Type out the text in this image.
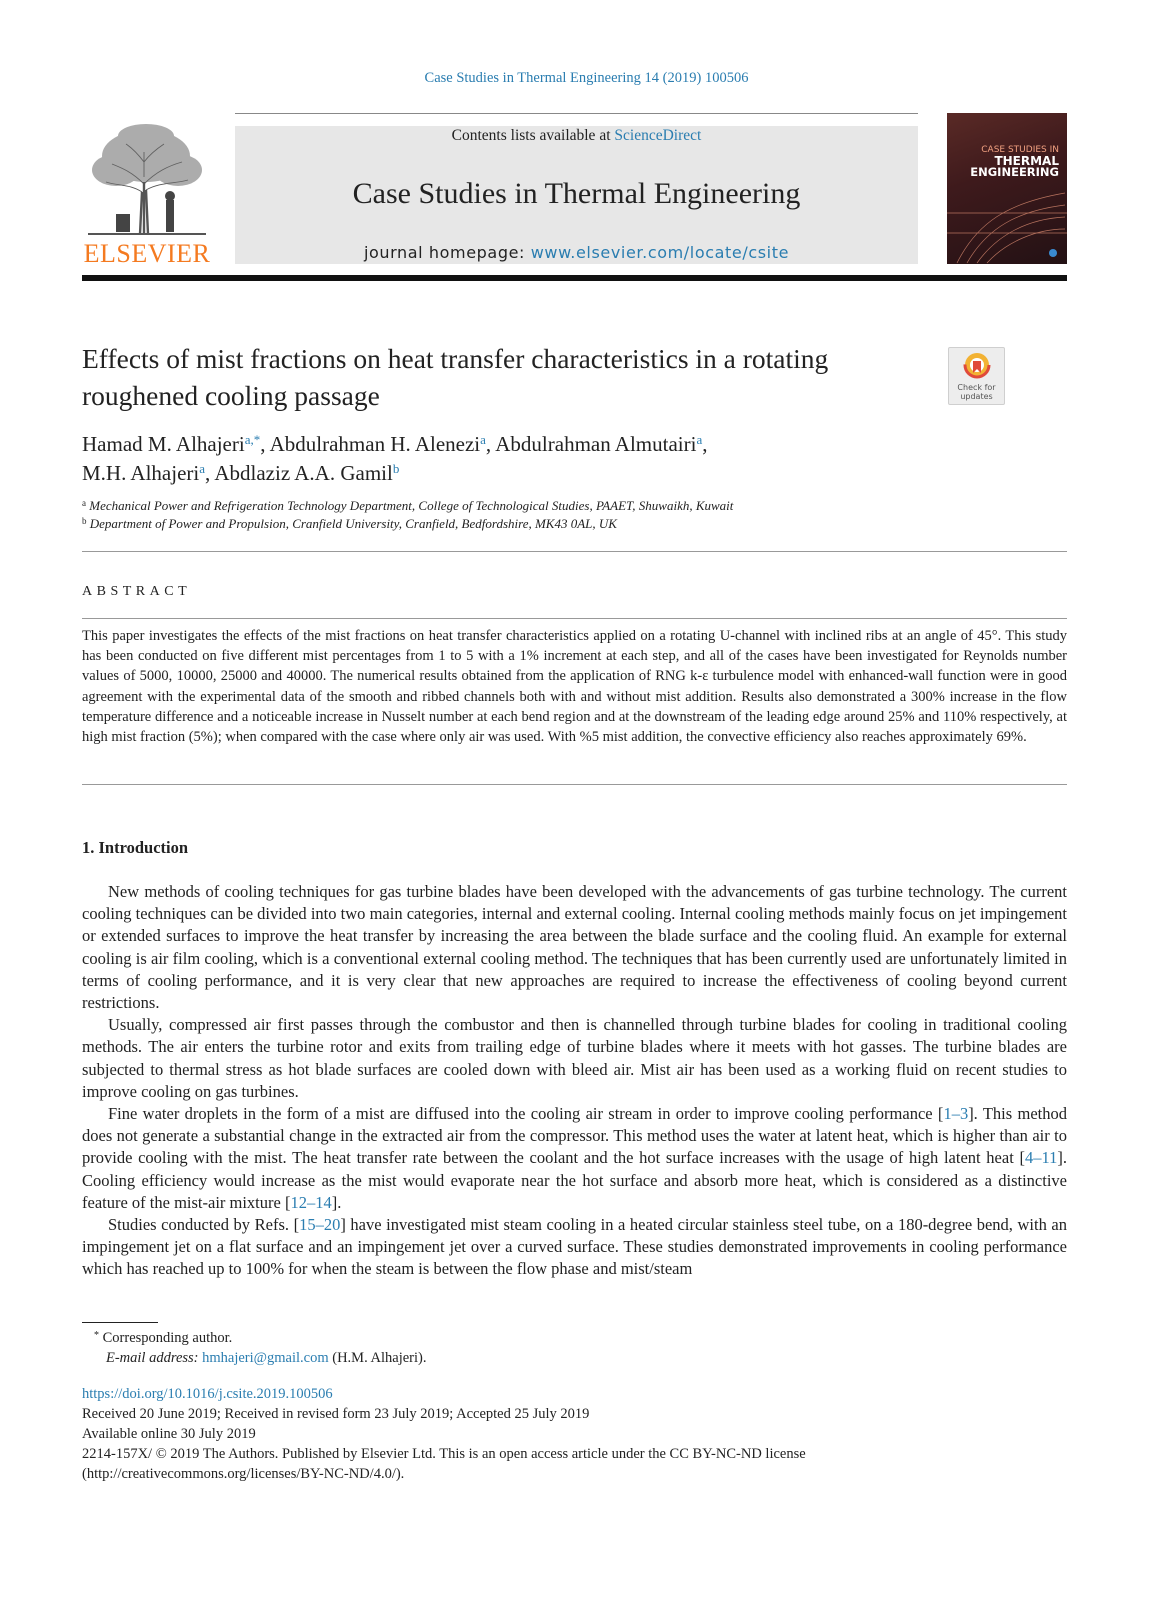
Case Studies in Thermal Engineering 14 (2019) 100506
ELSEVIER
Contents lists available at ScienceDirect
Case Studies in Thermal Engineering
journal homepage: www.elsevier.com/locate/csite
CASE STUDIES IN
THERMAL
ENGINEERING
Effects of mist fractions on heat transfer characteristics in a rotating roughened cooling passage	Check for
updates
Hamad M. Alhajeri$^{a,*}$, Abdulrahman H. Alenezi$^a$, Abdulrahman Almutairi$^a$,
M.H. Alhajeri$^a$, Abdlaziz A.A. Gamil$^b$
$^a$ Mechanical Power and Refrigeration Technology Department, College of Technological Studies, PAAET, Shuwaikh, Kuwait
$^b$ Department of Power and Propulsion, Cranfield University, Cranfield, Bedfordshire, MK43 0AL, UK
ABSTRACT

This paper investigates the effects of the mist fractions on heat transfer characteristics applied on a rotating U-channel with inclined ribs at an angle of 45°. This study has been conducted on five different mist percentages from 1 to 5 with a 1% increment at each step, and all of the cases have been investigated for Reynolds number values of 5000, 10000, 25000 and 40000. The numerical results obtained from the application of RNG k-ε turbulence model with enhanced-wall function were in good agreement with the experimental data of the smooth and ribbed channels both with and without mist addition. Results also demonstrated a 300% increase in the flow temperature difference and a noticeable increase in Nusselt number at each bend region and at the downstream of the leading edge around 25% and 110% respectively, at high mist fraction (5%); when compared with the case where only air was used. With %5 mist addition, the convective efficiency also reaches approximately 69%.

1. Introduction

New methods of cooling techniques for gas turbine blades have been developed with the advancements of gas turbine technology. The current cooling techniques can be divided into two main categories, internal and external cooling. Internal cooling methods mainly focus on jet impingement or extended surfaces to improve the heat transfer by increasing the area between the blade surface and the cooling fluid. An example for external cooling is air film cooling, which is a conventional external cooling method. The techniques that has been currently used are unfortunately limited in terms of cooling performance, and it is very clear that new approaches are required to increase the effectiveness of cooling beyond current restrictions.

Usually, compressed air first passes through the combustor and then is channelled through turbine blades for cooling in traditional cooling methods. The air enters the turbine rotor and exits from trailing edge of turbine blades where it meets with hot gasses. The turbine blades are subjected to thermal stress as hot blade surfaces are cooled down with bleed air. Mist air has been used as a working fluid on recent studies to improve cooling on gas turbines.

Fine water droplets in the form of a mist are diffused into the cooling air stream in order to improve cooling performance [1–3]. This method does not generate a substantial change in the extracted air from the compressor. This method uses the water at latent heat, which is higher than air to provide cooling with the mist. The heat transfer rate between the coolant and the hot surface increases with the usage of high latent heat [4–11]. Cooling efficiency would increase as the mist would evaporate near the hot surface and absorb more heat, which is considered as a distinctive feature of the mist-air mixture [12–14].

Studies conducted by Refs. [15–20] have investigated mist steam cooling in a heated circular stainless steel tube, on a 180-degree bend, with an impingement jet on a flat surface and an impingement jet over a curved surface. These studies demonstrated improvements in cooling performance which has reached up to 100% for when the steam is between the flow phase and mist/steam

* Corresponding author.
E-mail address: hmhajeri@gmail.com (H.M. Alhajeri).
https://doi.org/10.1016/j.csite.2019.100506
Received 20 June 2019; Received in revised form 23 July 2019; Accepted 25 July 2019
Available online 30 July 2019
2214-157X/ © 2019 The Authors. Published by Elsevier Ltd. This is an open access article under the CC BY-NC-ND license
(http://creativecommons.org/licenses/BY-NC-ND/4.0/).
